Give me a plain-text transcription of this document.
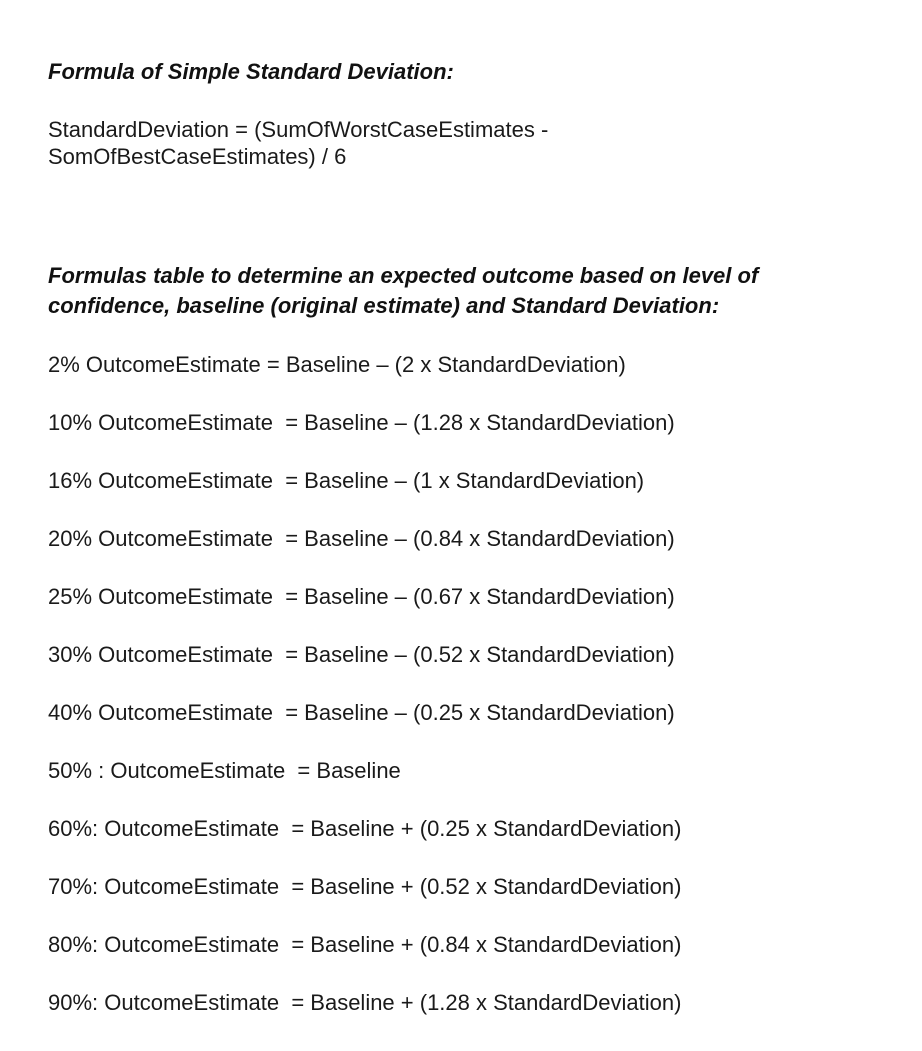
Formula of Simple Standard Deviation:

StandardDeviation = (SumOfWorstCaseEstimates -

SomOfBestCaseEstimates) / 6

Formulas table to determine an expected outcome based on level of

confidence, baseline (original estimate) and Standard Deviation:

2% OutcomeEstimate = Baseline – (2 x StandardDeviation)
10% OutcomeEstimate  = Baseline – (1.28 x StandardDeviation)
16% OutcomeEstimate  = Baseline – (1 x StandardDeviation)
20% OutcomeEstimate  = Baseline – (0.84 x StandardDeviation)
25% OutcomeEstimate  = Baseline – (0.67 x StandardDeviation)
30% OutcomeEstimate  = Baseline – (0.52 x StandardDeviation)
40% OutcomeEstimate  = Baseline – (0.25 x StandardDeviation)
50% : OutcomeEstimate  = Baseline
60%: OutcomeEstimate  = Baseline + (0.25 x StandardDeviation)
70%: OutcomeEstimate  = Baseline + (0.52 x StandardDeviation)
80%: OutcomeEstimate  = Baseline + (0.84 x StandardDeviation)
90%: OutcomeEstimate  = Baseline + (1.28 x StandardDeviation)
